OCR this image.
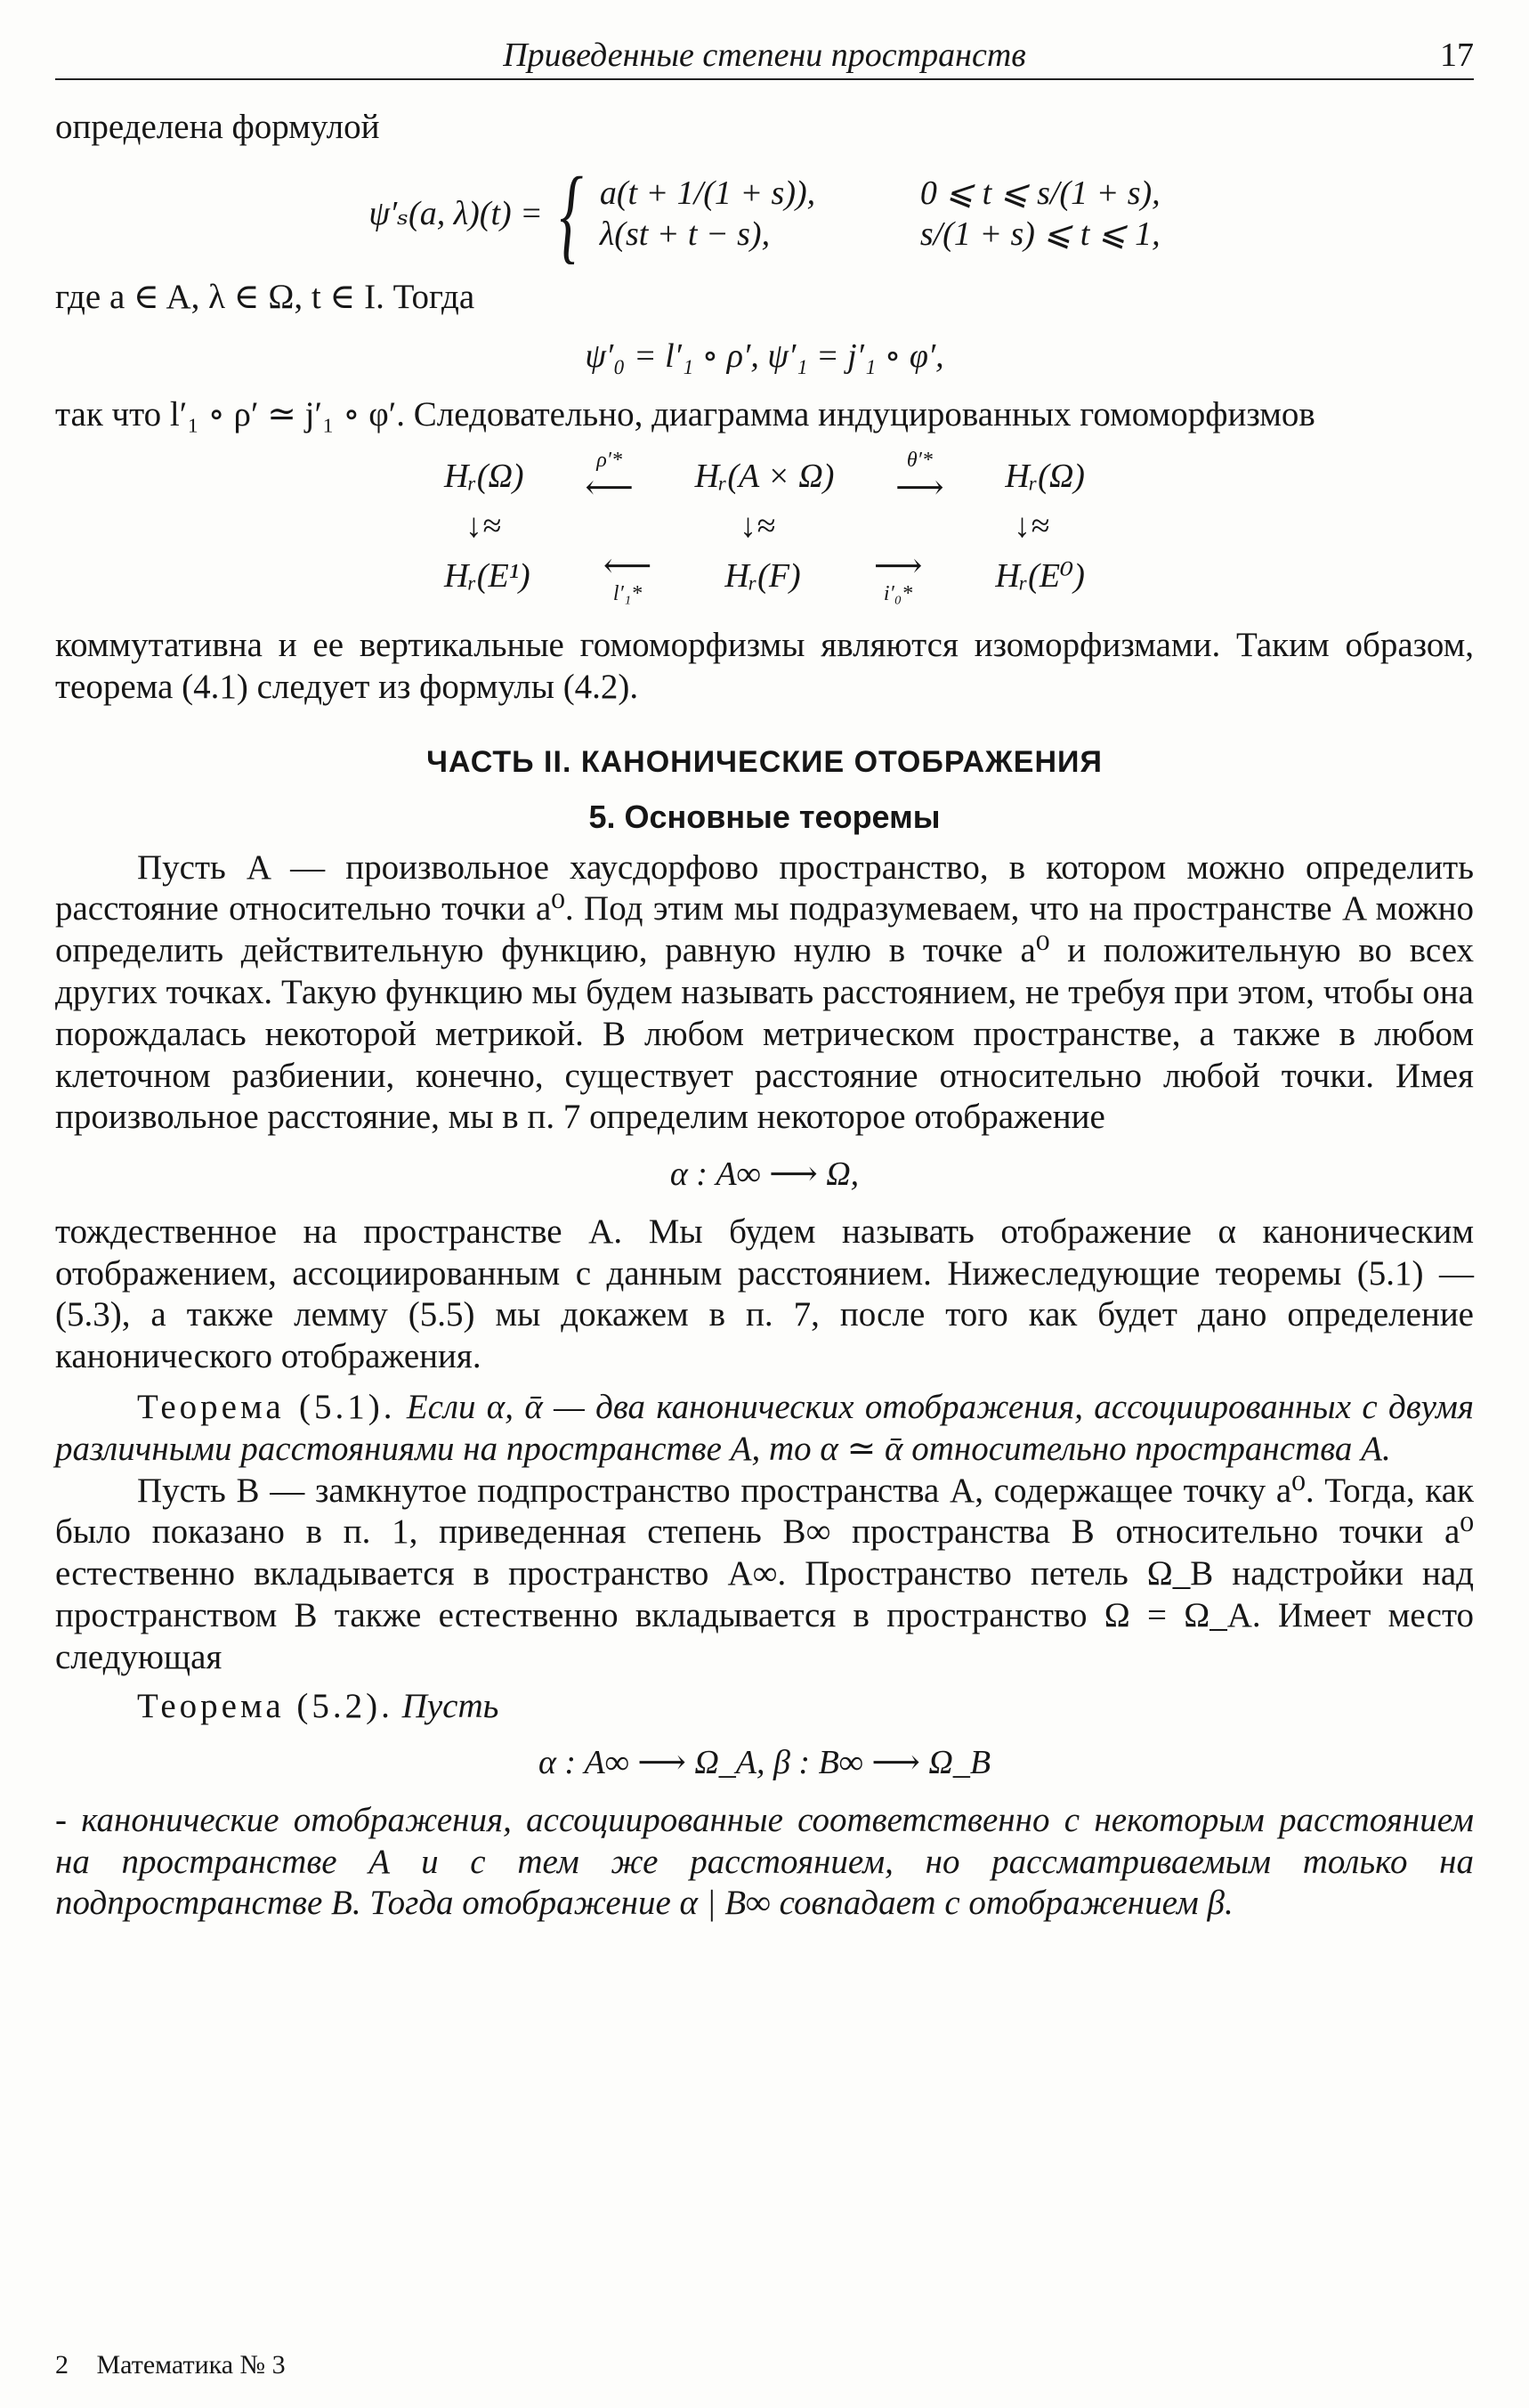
Приведенные степени пространств	17

определена формулой

ψ′ₛ(a, λ)(t) = { a(t + 1/(1 + s)),	0 ⩽ t ⩽ s/(1 + s),
λ(st + t − s),	s/(1 + s) ⩽ t ⩽ 1,

где a ∈ A, λ ∈ Ω, t ∈ I. Тогда

ψ′₀ = l′₁ ∘ ρ′, ψ′₁ = j′₁ ∘ φ′,

так что l′₁ ∘ ρ′ ≃ j′₁ ∘ φ′. Следовательно, диаграмма индуцированных гомоморфизмов

Hᵣ(Ω)	ρ′*
⟵ Hᵣ(A × Ω)	θ′*
⟶ Hᵣ(Ω)
↓≈	↓≈	↓≈
Hᵣ(E¹) ⟵
l′₁* Hᵣ(F) ⟶
i′₀* Hᵣ(E⁰)

коммутативна и ее вертикальные гомоморфизмы являются изоморфизмами. Таким образом, теорема (4.1) следует из формулы (4.2).

ЧАСТЬ II. КАНОНИЧЕСКИЕ ОТОБРАЖЕНИЯ
5. Основные теоремы

Пусть A — произвольное хаусдорфово пространство, в котором можно определить расстояние относительно точки a⁰. Под этим мы подразумеваем, что на пространстве A можно определить действительную функцию, равную нулю в точке a⁰ и положительную во всех других точках. Такую функцию мы будем называть расстоянием, не требуя при этом, чтобы она порождалась некоторой метрикой. В любом метрическом пространстве, а также в любом клеточном разбиении, конечно, существует расстояние относительно любой точки. Имея произвольное расстояние, мы в п. 7 определим некоторое отображение

α : A∞ ⟶ Ω,

тождественное на пространстве A. Мы будем называть отображение α каноническим отображением, ассоциированным с данным расстоянием. Нижеследующие теоремы (5.1) — (5.3), а также лемму (5.5) мы докажем в п. 7, после того как будет дано определение канонического отображения.

Теорема (5.1). Если α, ᾱ — два канонических отображения, ассоциированных с двумя различными расстояниями на пространстве A, то α ≃ ᾱ относительно пространства A.

Пусть B — замкнутое подпространство пространства A, содержащее точку a⁰. Тогда, как было показано в п. 1, приведенная степень B∞ пространства B относительно точки a⁰ естественно вкладывается в пространство A∞. Пространство петель Ω_B надстройки над пространством B также естественно вкладывается в пространство Ω = Ω_A. Имеет место следующая

Теорема (5.2). Пусть

α : A∞ ⟶ Ω_A, β : B∞ ⟶ Ω_B

- канонические отображения, ассоциированные соответственно с некоторым расстоянием на пространстве A и с тем же расстоянием, но рассматриваемым только на подпространстве B. Тогда отображение α | B∞ совпадает с отображением β.

2 Математика № 3
